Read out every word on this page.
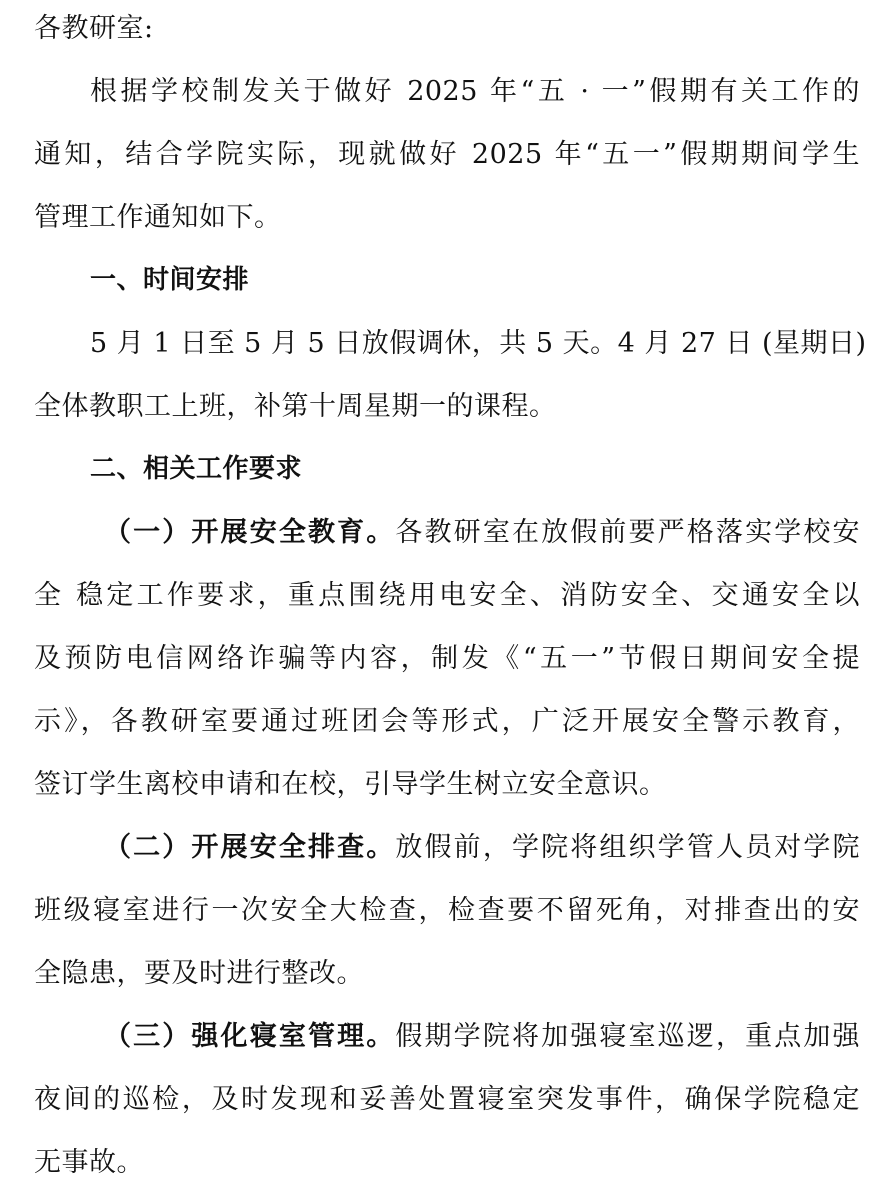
各教研室:
根据学校制发关于做好 2025 年“五 · 一”假期有关工作的
通知，结合学院实际，现就做好 2025 年“五一”假期期间学生
管理工作通知如下。
一、时间安排
5 月 1 日至 5 月 5 日放假调休，共 5 天。4 月 27 日 (星期日)
全体教职工上班，补第十周星期一的课程。
二、相关工作要求
（一）开展安全教育。各教研室在放假前要严格落实学校安
全 稳定工作要求，重点围绕用电安全、消防安全、交通安全以
及预防电信网络诈骗等内容，制发《“五一”节假日期间安全提
示》，各教研室要通过班团会等形式，广泛开展安全警示教育，
签订学生离校申请和在校，引导学生树立安全意识。
（二）开展安全排查。放假前，学院将组织学管人员对学院
班级寝室进行一次安全大检查，检查要不留死角，对排查出的安
全隐患，要及时进行整改。
（三）强化寝室管理。假期学院将加强寝室巡逻，重点加强
夜间的巡检，及时发现和妥善处置寝室突发事件，确保学院稳定
无事故。
